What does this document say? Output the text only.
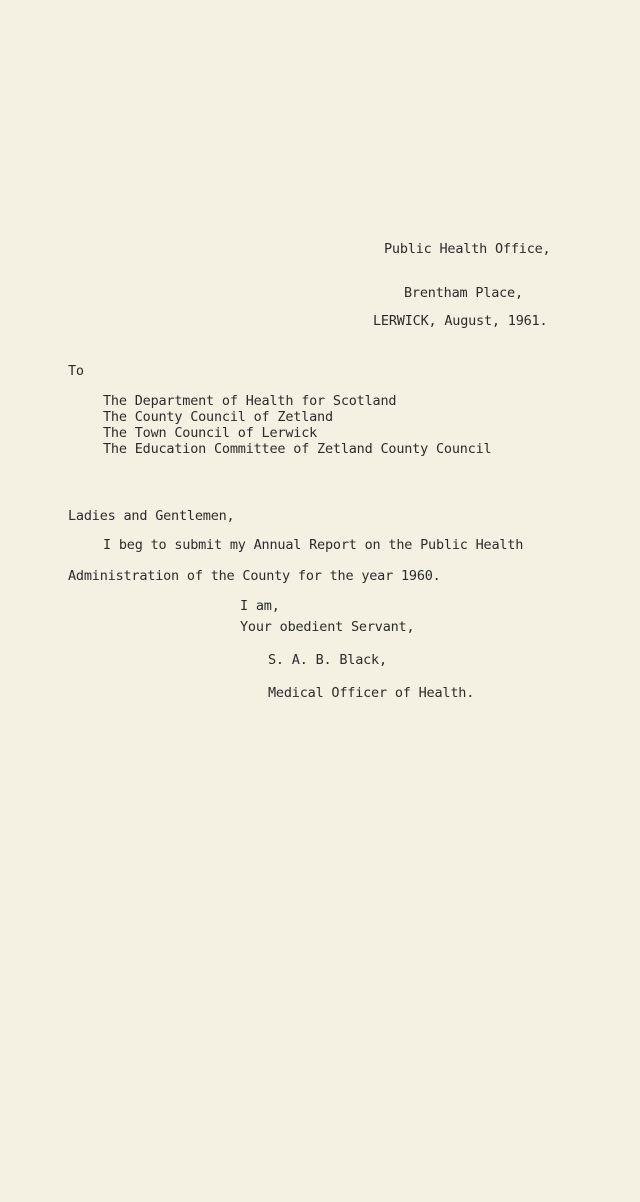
Public Health Office,
Brentham Place,
LERWICK, August, 1961.
To
The Department of Health for Scotland
The County Council of Zetland
The Town Council of Lerwick
The Education Committee of Zetland County Council
Ladies and Gentlemen,
I beg to submit my Annual Report on the Public Health
Administration of the County for the year 1960.
I am,
Your obedient Servant,
S. A. B. Black,
Medical Officer of Health.
